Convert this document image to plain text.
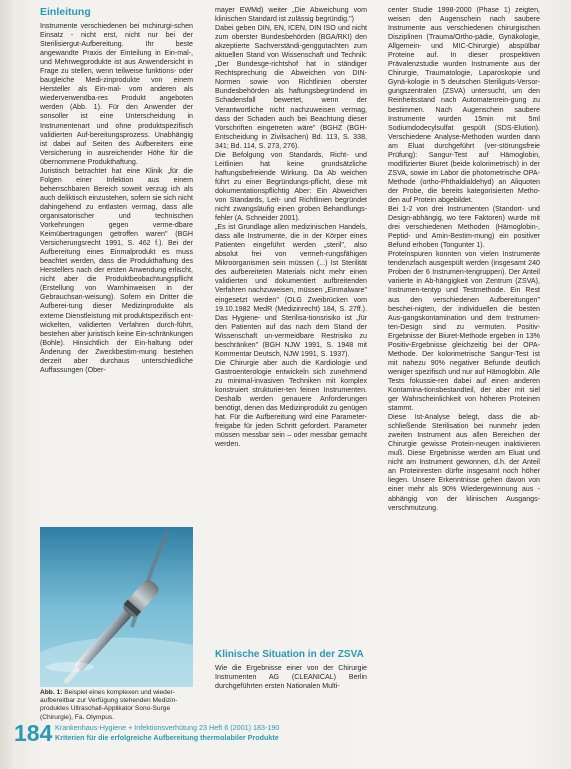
Einleitung

Instrumente verschiedenen bei mchirurgi-schen Einsatz - nicht erst, nicht nur bei der Sterilisiergut-Aufbereitung. Ihr beste angewandte Praxis der Einteilung in Ein-mal-, und Mehrwegprodukte ist aus Anwendersicht in Frage zu stellen, wenn teilweise funktions- oder baugleiche Medi-zinprodukte von einem Hersteller als Ein-mal- vom anderen als wiederverwendba-res Produkt angeboten werden (Abb. 1). Für den Anwender der sonsoller ist eine Unterscheidung in Instrumentenart und ohne produktspezifisch validierten Auf-bereitungsprozess. Unabhängig ist dabei auf Seiten des Aufbereiters eine Versicherung in ausreichender Höhe für die übernommene Produkthaftung.

Juristisch betrachtet hat eine Klinik „für die Folgen einer Infektion aus einem beherrschbaren Bereich soweit verzug ich als auch deliktisch einzustehen, sofern sie sich nicht dahingehend zu entlasten vermag, dass alle organisatorischer und technischen Vorkehrungen gegen verme-dbare Keimübertragungen getroffen waren" (BGH Versicherungsrecht 1991, S. 462 f.). Bei der Aufbereitung eines Einmalprodukt es muss beachtet werden, dass die Produkthaftung des Herstellers nach der ersten Anwendung erlischt, nicht aber die Produktbeobachtungspflicht (Erstellung von Warnhinweisen in der Gebrauchsan-weisung). Sofern ein Dritter die Aufberei-tung dieser Medizinprodukte als externe Dienstleistung mit produktspezifisch ent-wickelten, validierten Verfahren durch-führt, bestehen aber juristisch keine Ein-schränkungen (Bohle). Hinsichtlich der Ein-haltung oder Änderung der Zweckbestim-mung bestehen derzeit aber durchaus unterschiedliche Auffassungen (Ober-

Abb. 1: Beispiel eines komplexen und wieder-aufbereitbar zur Verfügung stehenden Medizin-produktes Ultraschall-Applikator Sono-Surge (Chirurgie), Fa. Olympus.

mayer EWMd) weiter „Die Abweichung vom klinischen Standard ist zulässig begründig.")

Dabei geben DIN, EN, ICEN, DIN ISO und nicht zum oberster Bundesbehörden (BGA/RKI) den akzeptierte Sachverständi-genggutachten zum aktuellen Stand von Wissenschaft und Technik: „Der Bundesge-richtshof hat in ständiger Rechtsprechung die Abweichen von DIN-Normen sowie von Richtlinien oberster Bundesbehörden als haftungsbegründend im Schadensfall bewertet, wenn der Verantwortliche nicht nachzuweisen vermag, dass der Schaden auch bei Beachtung dieser Vorschriften eingetreten wäre" (BGHZ (BGH-Entscheidung in Zivilsachen) Bd. 113, S. 338, 341; Bd. 114, S. 273, 276).

Die Befolgung von Standards, Richt- und Leitlinien hat keine grundsätzliche haftungsbefreiende Wirkung. Da Ab weichen führt zu einer Begründungs-pflicht, diese mit dokumentationspflichtig Aber: Ein Abweichen von Standards, Leit- und Richtlinien begründet nicht zwangsläufig einen groben Behandlungs-fehler (A. Schneider 2001).

„Es ist Grundlage allen medizinischen Handels, dass alle Instrumente, die in der Körper eines Patienten eingeführt werden „steril", also absolut frei von vermeh-rungsfähigen Mikroorganismen sein müssen (...) Ist Sterilität des aufbereiteten Materials nicht mehr einen validierten und dokumentiert aufbreitenden Verfahren nachzuweisen, müssen „Einmalware" eingesetzt werden" (OLG Zweibrücken vom 19.10.1982 MedR (Medizinrecht) 184, S. 27ff.). Das Hygiene- und Sterilisa-tionsrisiko ist „für den Patienten auf das nach dem Stand der Wissenschaft un-vermeidbare Restrisiko zu beschränken" (BGH NJW 1991, S. 1948 mit Kommentar Deutsch, NJW 1991, S. 1937).

Die Chirurgie aber auch die Kardiologie und Gastroenterologie entwickeln sich zunehmend zu minimal-invasiven Techniken mit komplex konstruiert strukturier-ten feinen Instrumenten. Deshalb werden genauere Anforderungen benötigt, denen das Medizinprodukt zu genügen hat. Für die Aufbereitung wird eine Parameter-freigabe für jeden Schritt gefordert. Parameter müssen messbar sein – oder messbar gemacht werden.

Klinische Situation in der ZSVA
Wie die Ergebnisse einer von der Chirurgie Instrumenten AG (CLEANICAL) Berlin durchgeführten ersten Nationalen Multi-

center Studie 1998-2000 (Phase 1) zeigten, weisen den Augenschein nach saubere Instrumente aus verschiedenen chirurgischen Disziplinen (Trauma/Ortho-pädie, Gynäkologie, Allgemein- und MIC-Chirurgie) abspülbar Proteine auf. In dieser prospektiven Prävalenzstudie wurden Instrumente aus der Chirurgie, Traumatologie, Laparoskopie und Gynä-kologie in 5 deutschen Steriliguts-Versor-gungszentralen (ZSVA) untersucht, um den Reinheitsstand nach Automatenrein-gung zu bestimmen. Nach Augenschein saubere Instrumente wurden 15min mit 5ml Sodiumdodecylsulfat gespült (SDS-Elution). Verschiedene Analyse-Methoden wurden dann am Eluat durchgeführt (ver-störungsfreie Prüfung): Sangur-Test auf Hämoglobin, modifizierter Biuret (beide kolorimetrisch) in der ZSVA, sowie im Labor die photometrische OPA-Methode (ortho-Phthaldialdehyd) an Aliquoten der Probe, die bereits kategorisierten Metho-den auf Protein abgebildet.

Bei 1-2 von drei Instrumenten (Standort- und Design-abhängig, wo tere Faktoren) wurde mit drei verschiedenen Methoden (Hämoglobin-, Peptid- und Amin-Bestim-mung) ein positiver Befund erhoben (Tongunter 1).

Proteinspuren konnten von vielen Instrumente tendenzfach ausgespült werden (insgesamt 240 Proben der 6 Instrumen-tengruppen). Der Anteil variierte in Ab-hängigkeit von Zentrum (ZSVA), Instrumen-tentyp und Testmethode. Ein Rest aus den verschiedenen Aufbereitungen" beschei-nigten, der individuellen die besten Aus-gangskontamination und dem Instrumen-ten-Design sind zu vermuten. Positiv-Ergebnisse der Biuret-Methode ergeben in 13% Positiv-Ergebnisse gleichzeitig bei der OPA-Methode. Der kolorimetrische Sangur-Test ist mit nahezu 90% negativer Befunde deutlich weniger spezifisch und nur auf Hämoglobin. Alle Tests fokussie-ren dabei auf einen anderen Kontamina-tionsbestandteil, der aber mit siel ger Wahrscheinlichkeit von höheren Proteinen stammt.

Diese Ist-Analyse belegt, dass die ab-schließende Sterilisation bei nunmehr jeden zweiten Instrument aus allen Bereichen der Chirurgie gewisse Protein-neugen inaktivieren muß. Diese Ergebnisse werden am Eluat und nicht am Instrument gewonnen, d.h. der Anteil an Proteinresten dürfte insgesamt noch höher liegen. Unsere Erkenntnisse gehen davon von einer mehr als 90% Wiedergewinnung aus - abhängig von der klinischen Ausgangs-verschmutzung.

184 Krankenhaus-Hygiene + Infektionsverhütung 23 Heft 6 (2001) 183-190
Kriterien für die erfolgreiche Aufbereitung thermolabiler Produkte
